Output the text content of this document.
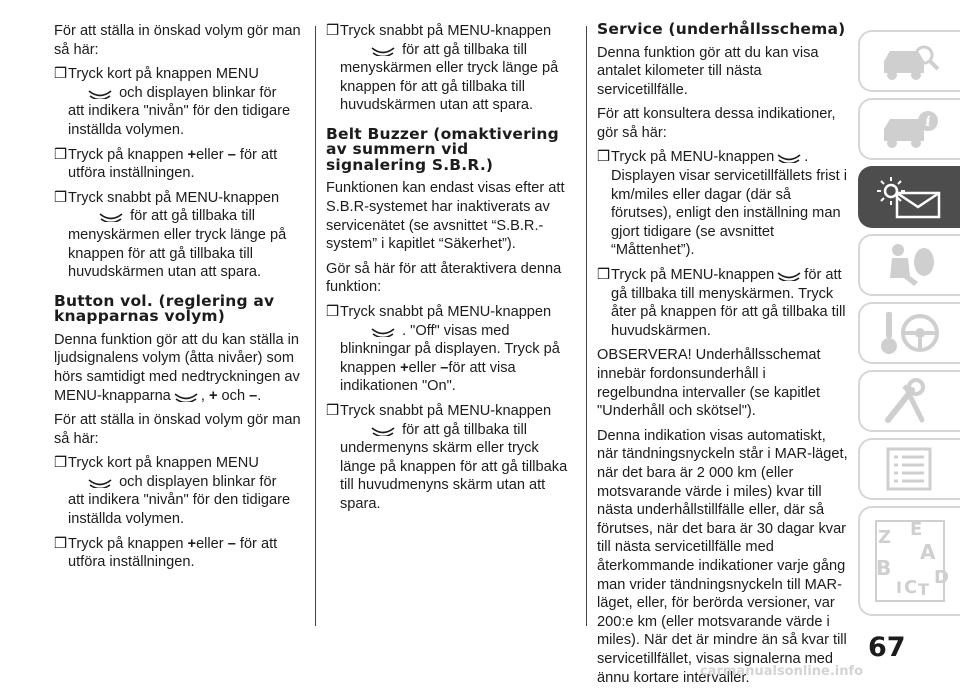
För att ställa in önskad volym gör man så här:

❒ Tryck kort på knappen MENU

och displayen blinkar för
att indikera "nivån" för den tidigare inställda volymen.
❒ Tryck på knappen +eller – för att utföra inställningen.
❒ Tryck snabbt på MENU-knappen
för att gå tillbaka till menyskärmen eller tryck länge på knappen för att gå tillbaka till huvudskärmen utan att spara.
Button vol. (reglering av knapparnas volym)

Denna funktion gör att du kan ställa in ljudsignalens volym (åtta nivåer) som hörs samtidigt med nedtryckningen av MENU-knapparna , + och –.

För att ställa in önskad volym gör man så här:

❒ Tryck kort på knappen MENU

och displayen blinkar för
att indikera "nivån" för den tidigare inställda volymen.
❒ Tryck på knappen +eller – för att utföra inställningen.
❒ Tryck snabbt på MENU-knappen
för att gå tillbaka till menyskärmen eller tryck länge på knappen för att gå tillbaka till huvudskärmen utan att spara.
Belt Buzzer (omaktivering av summern vid signalering S.B.R.)

Funktionen kan endast visas efter att S.B.R-systemet har inaktiverats av servicenätet (se avsnittet “S.B.R.-system” i kapitlet “Säkerhet”).

Gör så här för att återaktivera denna funktion:

❒ Tryck snabbt på MENU-knappen
. "Off" visas med blinkningar på displayen. Tryck på knappen +eller –för att visa indikationen "On".
❒ Tryck snabbt på MENU-knappen
för att gå tillbaka till undermenyns skärm eller tryck länge på knappen för att gå tillbaka till huvudmenyns skärm utan att spara.
Service (underhållsschema)

Denna funktion gör att du kan visa antalet kilometer till nästa servicetillfälle.

För att konsultera dessa indikationer, gör så här:

❒ Tryck på MENU-knappen . Displayen visar servicetillfällets frist i km/miles eller dagar (där så förutses), enligt den inställning man gjort tidigare (se avsnittet “Måttenhet”).
❒ Tryck på MENU-knappen för att gå tillbaka till menyskärmen. Tryck åter på knappen för att gå tillbaka till huvudskärmen.

OBSERVERA! Underhållsschemat innebär fordonsunderhåll i regelbundna intervaller (se kapitlet "Underhåll och skötsel").

Denna indikation visas automatiskt, när tändningsnyckeln står i MAR-läget, när det bara är 2 000 km (eller motsvarande värde i miles) kvar till nästa underhållstillfälle eller, där så förutses, när det bara är 30 dagar kvar till nästa servicetillfälle med återkommande indikationer varje gång man vrider tändningsnyckeln till MAR-läget, eller, för berörda versioner, var 200:e km (eller motsvarande värde i miles). När det är mindre än så kvar till servicetillfället, visas signalerna med ännu kortare intervaller.

i
Z E
A
B
I C T
D
67
carmanualsonline.info
